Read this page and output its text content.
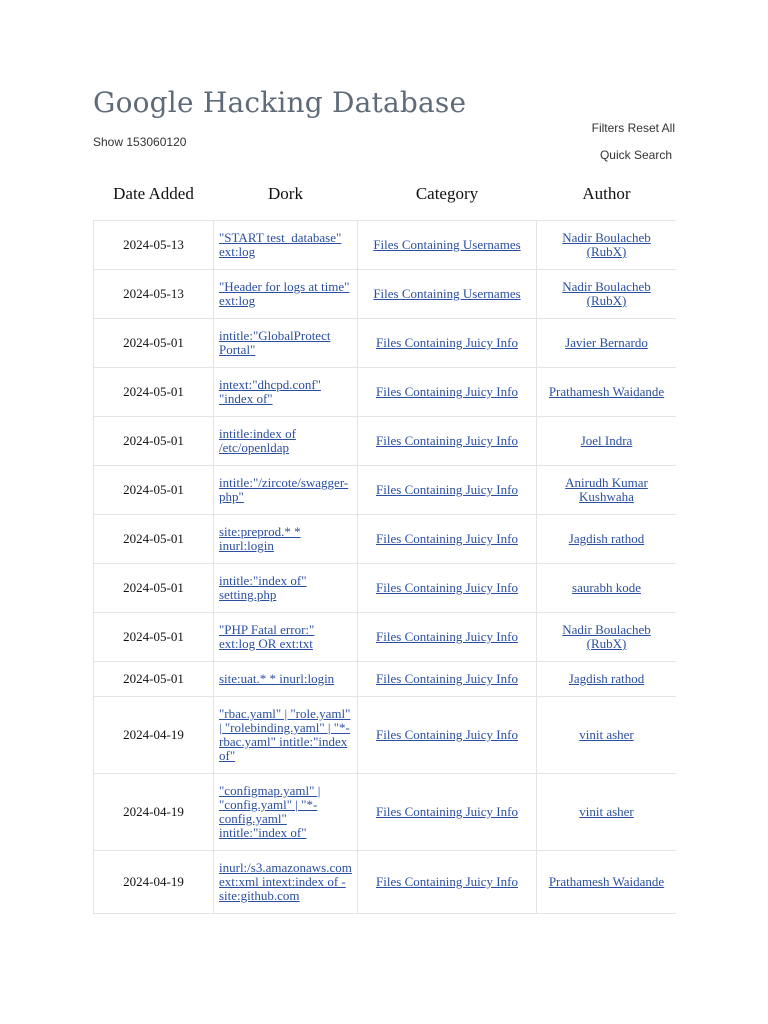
Google Hacking Database
Filters Reset All
Show 153060120
Quick Search
Date Added	Dork	Category	Author
2024-05-13	"START test_database" ext:log	Files Containing Usernames	Nadir Boulacheb (RubX)
2024-05-13	"Header for logs at time" ext:log	Files Containing Usernames	Nadir Boulacheb (RubX)
2024-05-01	intitle:"GlobalProtect Portal"	Files Containing Juicy Info	Javier Bernardo
2024-05-01	intext:"dhcpd.conf" "index of"	Files Containing Juicy Info	Prathamesh Waidande
2024-05-01	intitle:index of /etc/openldap	Files Containing Juicy Info	Joel Indra
2024-05-01	intitle:"/zircote/swagger-php"	Files Containing Juicy Info	Anirudh Kumar Kushwaha
2024-05-01	site:preprod.* * inurl:login	Files Containing Juicy Info	Jagdish rathod
2024-05-01	intitle:"index of" setting.php	Files Containing Juicy Info	saurabh kode
2024-05-01	"PHP Fatal error:" ext:log OR ext:txt	Files Containing Juicy Info	Nadir Boulacheb (RubX)
2024-05-01	site:uat.* * inurl:login	Files Containing Juicy Info	Jagdish rathod
2024-04-19	"rbac.yaml" | "role.yaml" | "rolebinding.yaml" | "*-rbac.yaml" intitle:"index of"	Files Containing Juicy Info	vinit asher
2024-04-19	"configmap.yaml" | "config.yaml" | "*-config.yaml" intitle:"index of"	Files Containing Juicy Info	vinit asher
2024-04-19	inurl:/s3.amazonaws.com ext:xml intext:index of -site:github.com	Files Containing Juicy Info	Prathamesh Waidande
